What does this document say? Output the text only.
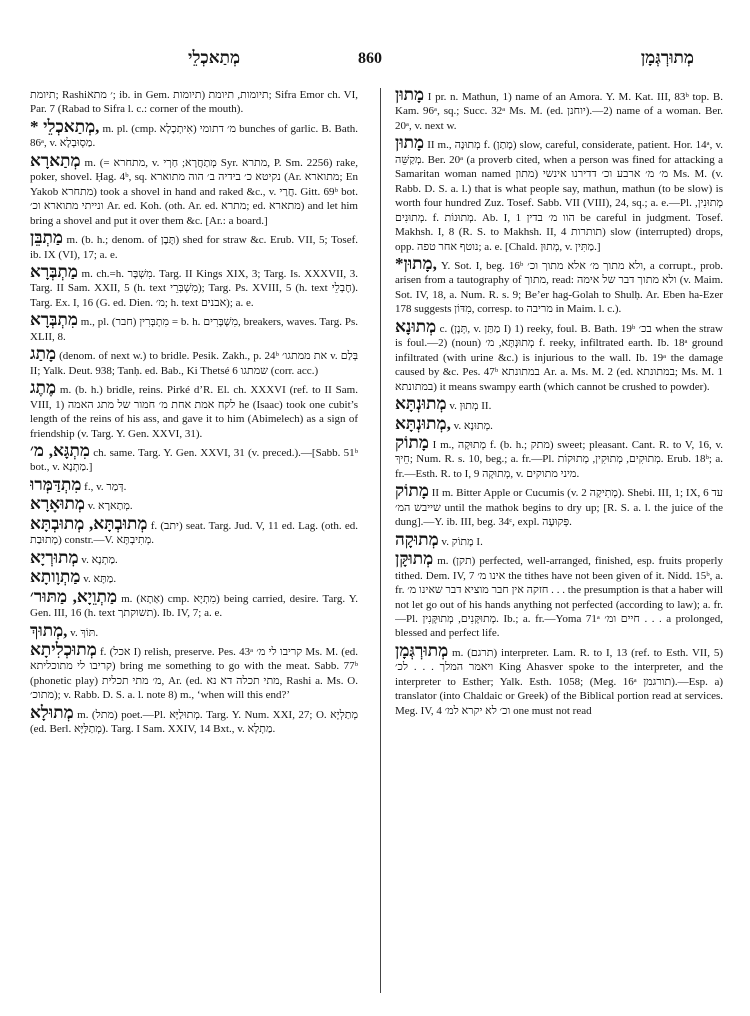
מְתַאכְלֵי	860	מְתוּרְגְּמָן

תיומת; Rashi׳ מתא; ib. in Gem. תיומות, תיומת (תיומות; Sifra Emor ch. VI, Par. 7 (Rabad to Sifra l. c.: corner of the mouth).

* מְתַאכְלֵי, m. pl. (cmp. אִיתְכָלָא) מ׳ דתומי bunches of garlic. B. Bath. 86ᵃ, v. מַסְוּבְלָא.

מְתַארָא m. (= מתחרא, v. מְתַחֲרָא; חַרְי Syr. מתרא, P. Sm. 2256) rake, poker, shovel. Ḥag. 4ᵇ, sq. נקיטא כ׳ בידיה ב׳ הוה מתוארא (Ar. מתוארא; En Yakob מתחרא) took a shovel in hand and raked &c., v. חֲרַי. Gitt. 69ᵇ bot. ונייתי מתוארא וכ׳ Ar. ed. Koh. (oth. Ar. ed. מתרא; ed. מתארא) and let him bring a shovel and put it over them &c. [Ar.: a board.]

מַתְבֵּן m. (b. h.; denom. of תֶּבֶן) shed for straw &c. Erub. VII, 5; Tosef. ib. IX (VI), 17; a. e.

מַתְבְּרָא m. ch.=h. מִשְׁבָּר. Targ. II Kings XIX, 3; Targ. Is. XXXVII, 3. Targ. II Sam. XXII, 5 (h. text מִשְׁבְּרֵי); Targ. Ps. XVIII, 5 (h. text חֶבְלֵי). Targ. Ex. I, 16 (G. ed. Dien. מ׳; h. text אבנים); a. e.

מִתְבְּרָא m., pl. מִתְבְּרִין (חבר) = b. h. מִשְׁבָּרִים, breakers, waves. Targ. Ps. XLII, 8.

מָתַג (denom. of next w.) to bridle. Pesik. Zakh., p. 24ᵇ את ממתגו׳ v. בְּלַם II; Yalk. Deut. 938; Tanḥ. ed. Bab., Ki Thetsé 6 שמתגו (corr. acc.)

מֶתֶג m. (b. h.) bridle, reins. Pirké d’R. El. ch. XXXVI (ref. to II Sam. VIII, 1) לקח אמת אחת מ׳ חמור של מתג האמה he (Isaac) took one cubit’s length of the reins of his ass, and gave it to him (Abimelech) as a sign of friendship (v. Targ. Y. Gen. XXVI, 31).

מִתְגָּא, מ׳ ch. same. Targ. Y. Gen. XXVI, 31 (v. preced.).—[Sabb. 51ᵇ bot., v. מַתְנָא.]

מִתְדַּמְּרוּ f., v. דְּמַר.

מְתוּאָרָא v. מְתַארָא.

מְתוּבְתָּא, מְתוּבְתָּא f. (יתב) seat. Targ. Jud. V, 11 ed. Lag. (oth. ed. מְתוּבַת) constr.—V. מְתִיבְתָּא.

מְתוּרְיָא v. מַתְנָא.

מַתְוָותָא v. מַתָּא.

מַתְוֵיָא, מַתּוּר׳ m. (אַתָא) cmp. מִתְיָא) being carried, desire. Targ. Y. Gen. III, 16 (h. text תשוקתך). Ib. IV, 7; a. e.

מְתוּךְ, v. תּוֹךְ.

מְתוּכְלִיתָא f. (אכל I) relish, preserve. Pes. 43ᵃ קריבו לי מ׳ Ms. M. (ed. קריבו לי מתוכליתא) bring me something to go with the meat. Sabb. 77ᵇ (phonetic play) מ׳ מתי תכלית, Ar. (ed. מתי תכלה דא נא, Rashi a. Ms. O. מתוכ׳); v. Rabb. D. S. a. l. note 8) m., ‘when will this end?’

מְתוּלָא m. (מתל) poet.—Pl. מְתוּלַיָּא. Targ. Y. Num. XXI, 27; O. מְתַלְיָא (ed. Berl. מְתַלַּיָּא). Targ. I Sam. XXIV, 14 Bxt., v. מַתְלָא.

מָתוּן I pr. n. Mathun, 1) name of an Amora. Y. M. Kat. III, 83ᵇ top. B. Kam. 96ᵃ, sq.; Succ. 32ᵃ Ms. M. (ed. יוחנן).—2) name of a woman. Ber. 20ᵃ, v. next w.

מָתוּן II m., מְתוּנָה f. (מָתַן) slow, careful, considerate, patient. Hor. 14ᵃ, v. מְקַשֵּׁה. Ber. 20ᵃ (a proverb cited, when a person was fined for attacking a Samaritan woman named מתון) מ׳ מ׳ ארבע וכ׳ דדירנו אינשי Ms. M. (v. Rabb. D. S. a. l.) that is what people say, mathun, mathun (to be slow) is worth four hundred Zuz. Tosef. Sabb. VII (VIII), 24, sq.; a. e.—Pl. מְתוּנִין, מְתוּנִים. f. מְתוּנוֹת. Ab. I, 1 הוו מ׳ בדין be careful in judgment. Tosef. Makhsh. I, 8 (R. S. to Makhsh. II, 4 תותרות) slow (interrupted) drops, opp. נוטף אחר טפה; a. e. [Chald. מְתוּן, v. מַתִּין.]

*מָתוּן, Y. Sot. I, beg. 16ᵇ ולא מתוך מ׳ אלא מתוך וכ׳, a corrupt., prob. arisen from a tautography of מתוך, read: ולא מתוך דבר של אימה (v. Maim. Sot. IV, 18, a. Num. R. s. 9; Be’er hag-Golah to Shulḥ. Ar. Eben ha-Ezer 178 suggests מִדּוֹן, corresp. to מריבה in Maim. l. c.).

מְתוּנָא c. (תְּנָן, v. מַתַּן I) 1) reeky, foul. B. Bath. 19ᵇ בכ׳ when the straw is foul.—2) (noun) מְתוּנְתָּא, מ׳ f. reeky, infiltrated earth. Ib. 18ᵃ ground infiltrated (with urine &c.) is injurious to the wall. Ib. 19ᵃ the damage caused by &c. Pes. 47ᵇ במתונתא Ar. a. Ms. M. 2 (ed. במתונתא; Ms. M. 1 במתונתא) it means swampy earth (which cannot be crushed to powder).

מְתוּנְתָּא v. מְתוּן II.

מְתוּנְתָּא, v. מְתוּנָא.

מָתוֹק I m., מְתוּקָה f. (b. h.; מתק) sweet; pleasant. Cant. R. to V, 16, v. חֵיךְ; Num. R. s. 10, beg.; a. fr.—Pl. מְתוּקִים, מְתוּקִין, מְתוּקוֹת. Erub. 18ᵇ; a. fr.—Esth. R. to I, 9 מְתוּקָה, v. מיני מתוקים.

מָתוֹק II m. Bitter Apple or Cucumis (v. מְתִיקָה 2). Shebi. III, 1; IX, 6 עד שייבש המ׳ until the mathok begins to dry up; [R. S. a. l. the juice of the dung].—Y. ib. III, beg. 34ᶜ, expl. פְּקוּעָה.

מְתוּקָה v. מָתוֹק I.

מְתוּקָּן m. (תקן) perfected, well-arranged, finished, esp. fruits properly tithed. Dem. IV, 7 אינו מ׳ the tithes have not been given of it. Nidd. 15ᵇ, a. fr. חזקה אין חבר מוציא דבר שאינו מ׳ . . . the presumption is that a haber will not let go out of his hands anything not perfected (according to law); a. fr.—Pl. מְתוּקָּנִים, מְתוּקָּנִין. Ib.; a. fr.—Yoma 71ᵃ חיים ומ׳ . . . a prolonged, blessed and perfect life.

מְתוּרְגְּמָן m. (תרגם) interpreter. Lam. R. to I, 13 (ref. to Esth. VII, 5) ויאמר המלך . . . לכ׳ King Ahasver spoke to the interpreter, and the interpreter to Esther; Yalk. Esth. 1058; (Meg. 16ᵃ תורגמן).—Esp. a) translator (into Chaldaic or Greek) of the Biblical portion read at services. Meg. IV, 4 וכ׳ לא יקרא למ׳ one must not read
